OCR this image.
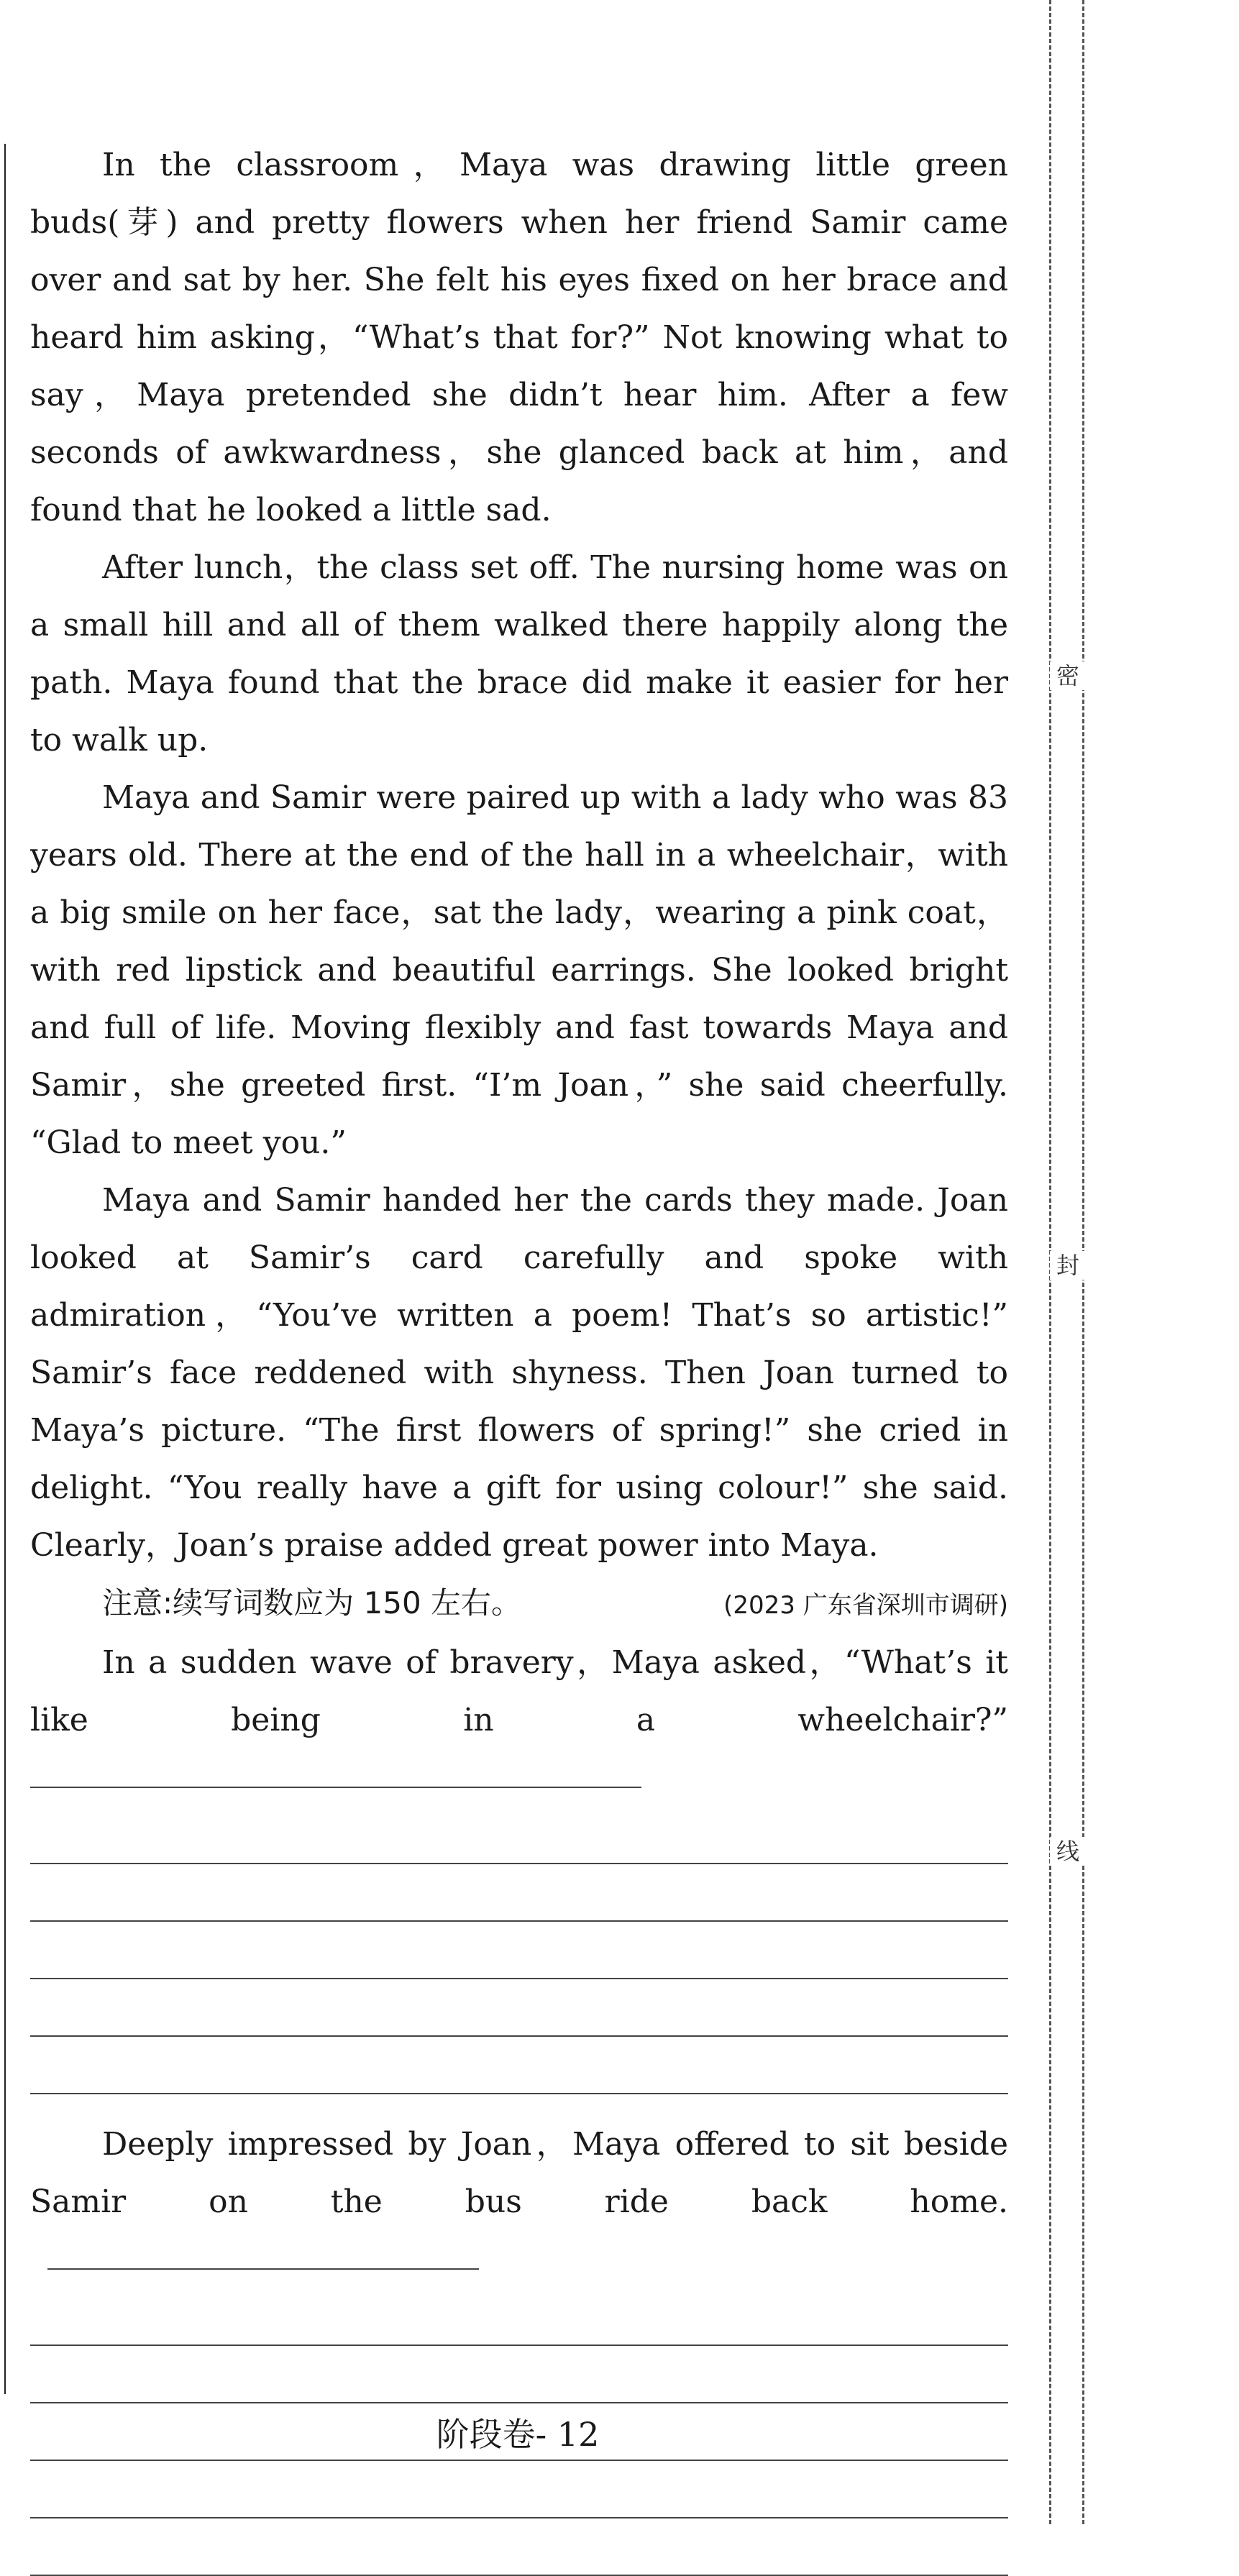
密
封
线

In the classroom，Maya was drawing little green buds(芽) and pretty flowers when her friend Samir came over and sat by her. She felt his eyes fixed on her brace and heard him asking，“What’s that for?” Not knowing what to say，Maya pretended she didn’t hear him. After a few seconds of awkwardness，she glanced back at him，and found that he looked a little sad.

After lunch，the class set off. The nursing home was on a small hill and all of them walked there happily along the path. Maya found that the brace did make it easier for her to walk up.

Maya and Samir were paired up with a lady who was 83 years old. There at the end of the hall in a wheelchair，with a big smile on her face，sat the lady，wearing a pink coat，with red lipstick and beautiful earrings. She looked bright and full of life. Moving flexibly and fast towards Maya and Samir，she greeted first. “I’m Joan，” she said cheerfully. “Glad to meet you.”

Maya and Samir handed her the cards they made. Joan looked at Samir’s card carefully and spoke with admiration，“You’ve written a poem! That’s so artistic!” Samir’s face reddened with shyness. Then Joan turned to Maya’s picture. “The first flowers of spring!” she cried in delight. “You really have a gift for using colour!” she said. Clearly，Joan’s praise added great power into Maya.

注意:续写词数应为 150 左右。	(2023 广东省深圳市调研)

In a sudden wave of bravery，Maya asked，“What’s it like being in a wheelchair?”

Deeply impressed by Joan，Maya offered to sit beside Samir on the bus ride back home.

阶段卷- 12
